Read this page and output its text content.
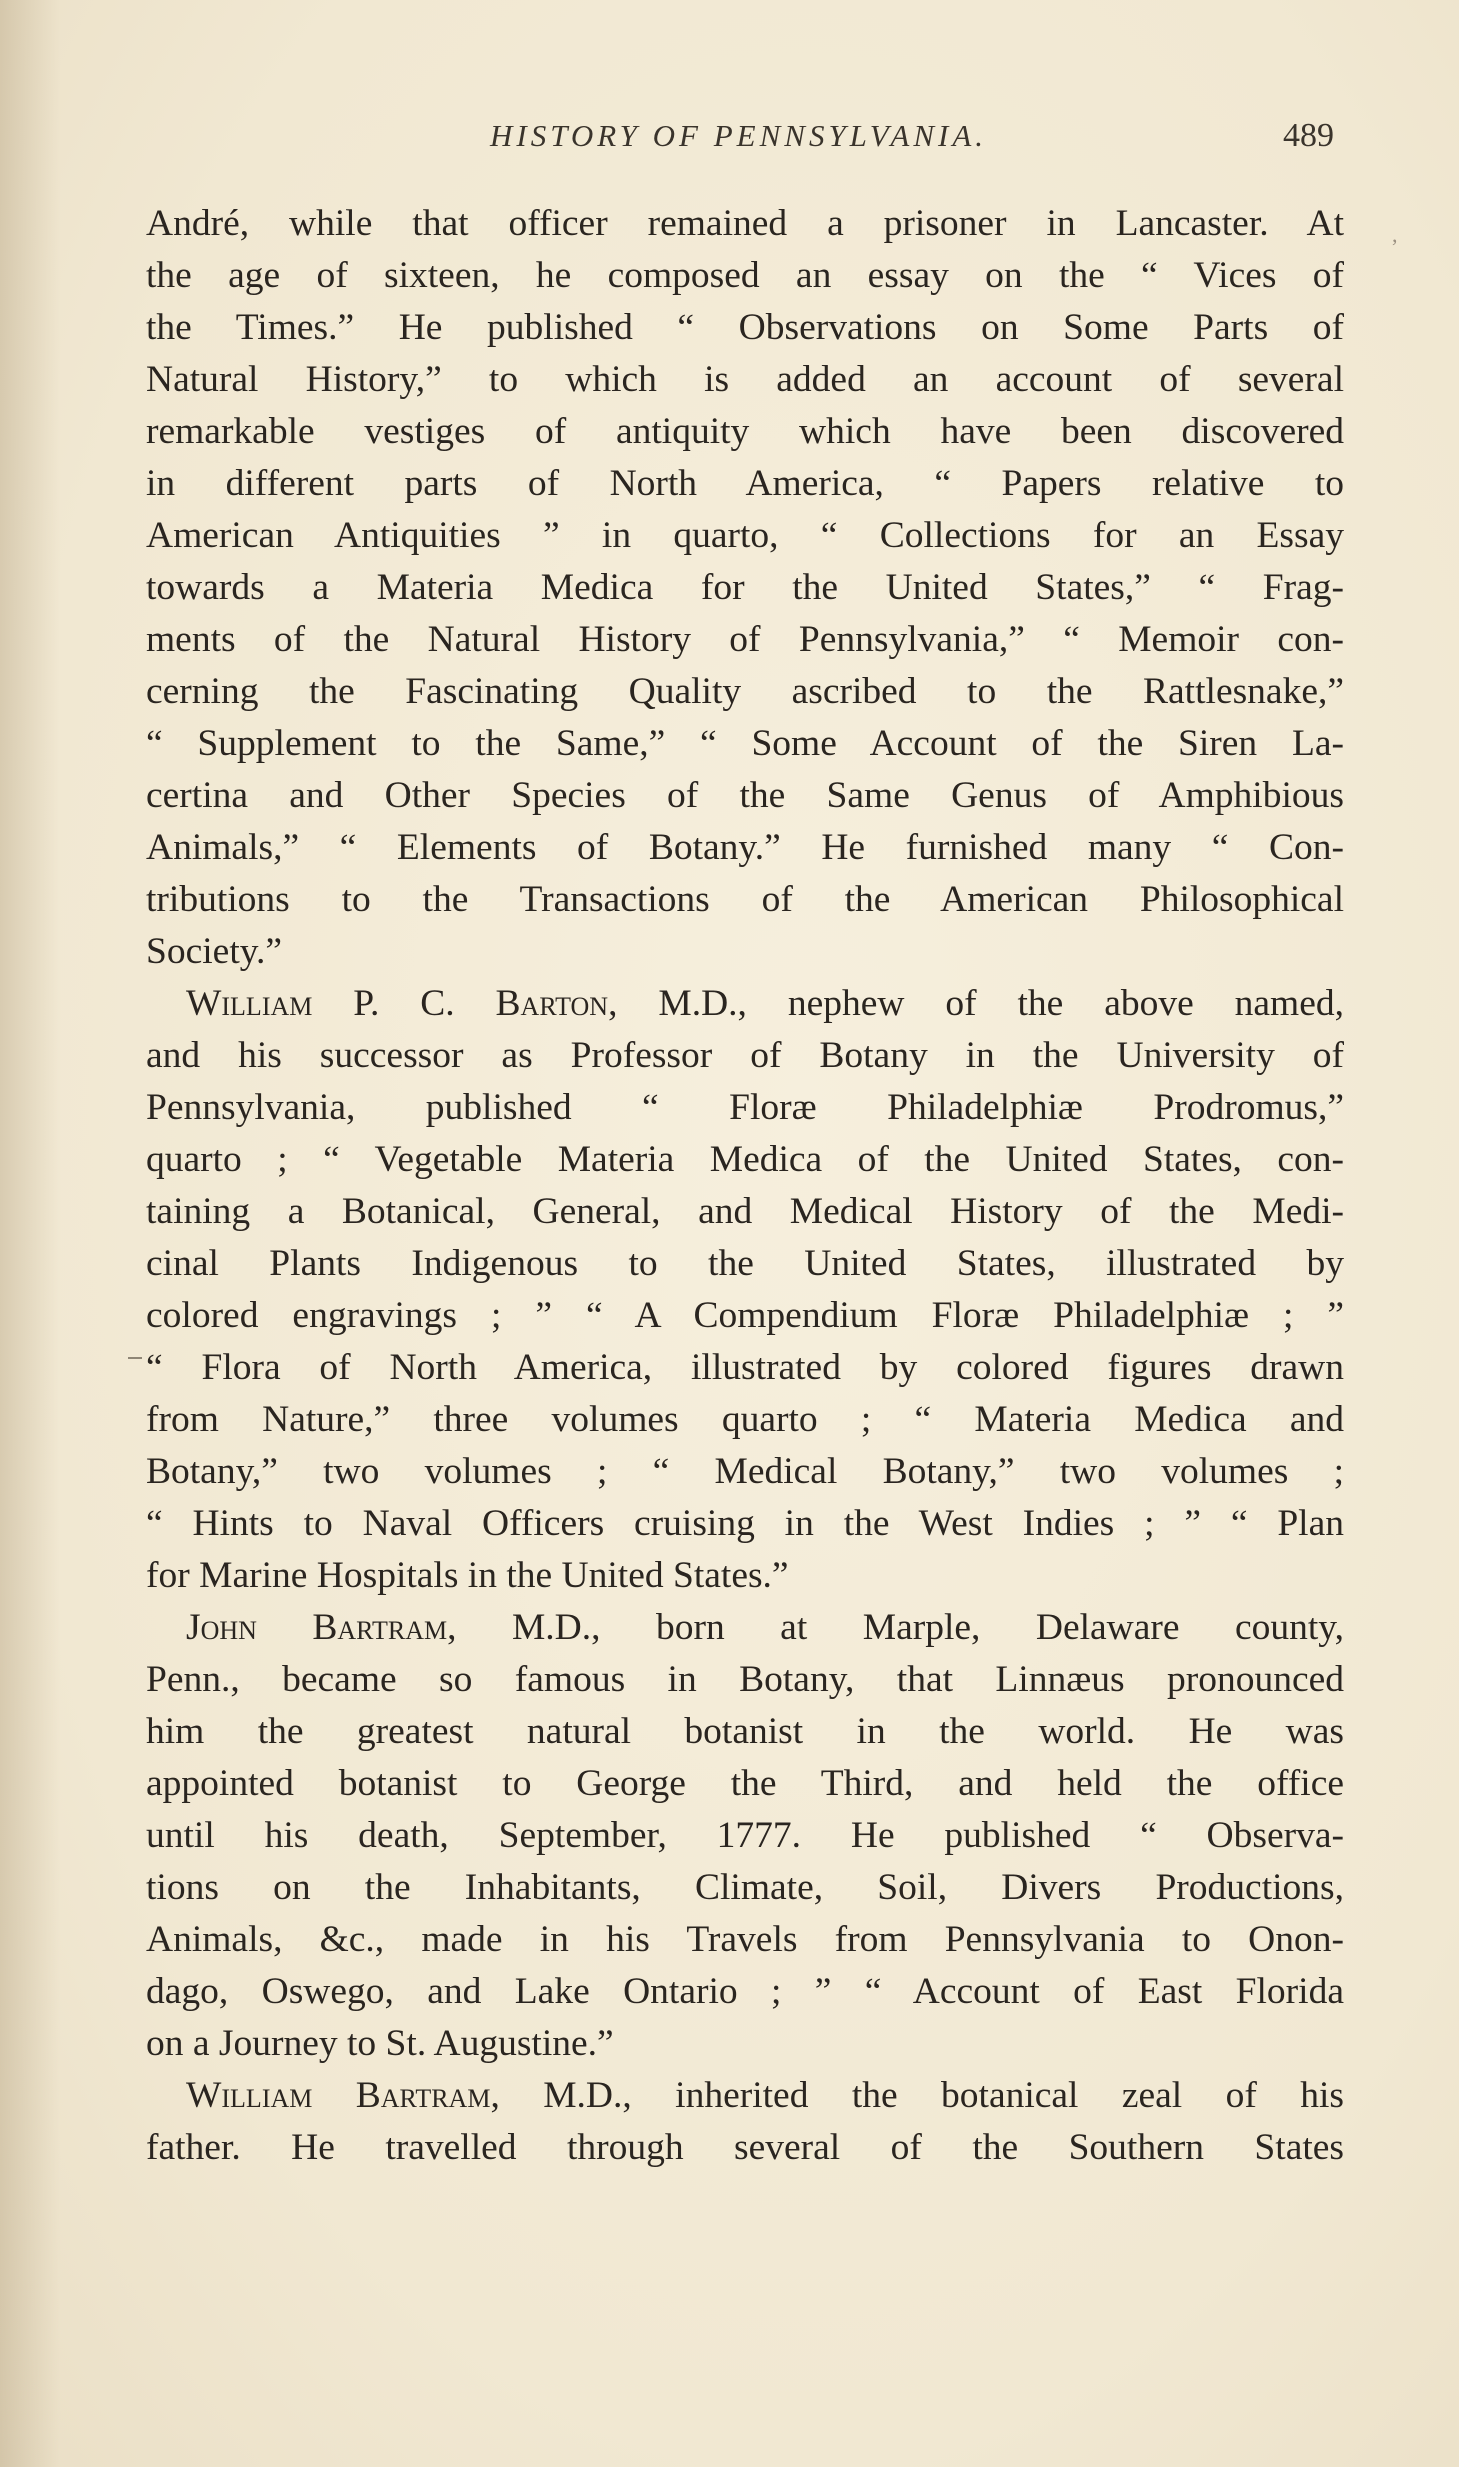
HISTORY OF PENNSYLVANIA.	489
,
André, while that officer remained a prisoner in Lancaster. At
the age of sixteen, he composed an essay on the “ Vices of
the Times.” He published “ Observations on Some Parts of
Natural History,” to which is added an account of several
remarkable vestiges of antiquity which have been discovered
in different parts of North America, “ Papers relative to
American Antiquities ” in quarto, “ Collections for an Essay
towards a Materia Medica for the United States,” “ Frag-
ments of the Natural History of Pennsylvania,” “ Memoir con-
cerning the Fascinating Quality ascribed to the Rattlesnake,”
“ Supplement to the Same,” “ Some Account of the Siren La-
certina and Other Species of the Same Genus of Amphibious
Animals,” “ Elements of Botany.” He furnished many “ Con-
tributions to the Transactions of the American Philosophical
Society.”
William P. C. Barton, M.D., nephew of the above named,
and his successor as Professor of Botany in the University of
Pennsylvania, published “ Floræ Philadelphiæ Prodromus,”
quarto ; “ Vegetable Materia Medica of the United States, con-
taining a Botanical, General, and Medical History of the Medi-
cinal Plants Indigenous to the United States, illustrated by
colored engravings ; ” “ A Compendium Floræ Philadelphiæ ; ”
“ Flora of North America, illustrated by colored figures drawn
from Nature,” three volumes quarto ; “ Materia Medica and
Botany,” two volumes ; “ Medical Botany,” two volumes ;
“ Hints to Naval Officers cruising in the West Indies ; ” “ Plan
for Marine Hospitals in the United States.”
John Bartram, M.D., born at Marple, Delaware county,
Penn., became so famous in Botany, that Linnæus pronounced
him the greatest natural botanist in the world. He was
appointed botanist to George the Third, and held the office
until his death, September, 1777. He published “ Observa-
tions on the Inhabitants, Climate, Soil, Divers Productions,
Animals, &c., made in his Travels from Pennsylvania to Onon-
dago, Oswego, and Lake Ontario ; ” “ Account of East Florida
on a Journey to St. Augustine.”
William Bartram, M.D., inherited the botanical zeal of his
father. He travelled through several of the Southern States
